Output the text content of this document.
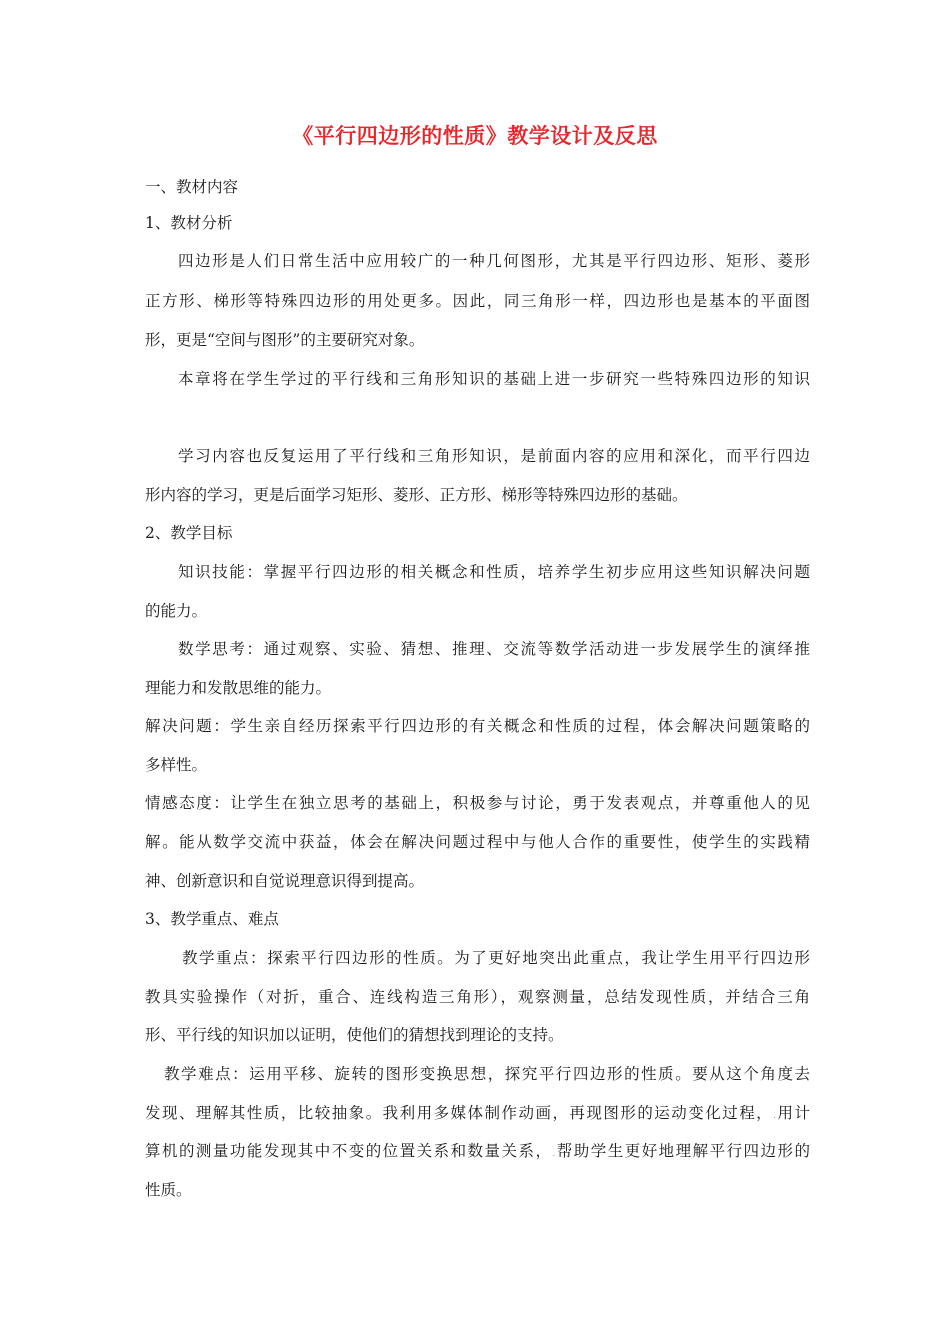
《平行四边形的性质》教学设计及反思
一、教材内容
1、教材分析
四边形是人们日常生活中应用较广的一种几何图形，尤其是平行四边形、矩形、菱形
正方形、梯形等特殊四边形的用处更多。因此，同三角形一样，四边形也是基本的平面图
形，更是“空间与图形”的主要研究对象。
本章将在学生学过的平行线和三角形知识的基础上进一步研究一些特殊四边形的知识
学习内容也反复运用了平行线和三角形知识，是前面内容的应用和深化，而平行四边
形内容的学习，更是后面学习矩形、菱形、正方形、梯形等特殊四边形的基础。
2、教学目标
知识技能：掌握平行四边形的相关概念和性质，培养学生初步应用这些知识解决问题
的能力。
数学思考：通过观察、实验、猜想、推理、交流等数学活动进一步发展学生的演绎推
理能力和发散思维的能力。
解决问题：学生亲自经历探索平行四边形的有关概念和性质的过程，体会解决问题策略的
多样性。
情感态度：让学生在独立思考的基础上，积极参与讨论，勇于发表观点，并尊重他人的见
解。能从数学交流中获益，体会在解决问题过程中与他人合作的重要性，使学生的实践精
神、创新意识和自觉说理意识得到提高。
3、教学重点、难点
教学重点：探索平行四边形的性质。为了更好地突出此重点，我让学生用平行四边形
教具实验操作（对折，重合、连线构造三角形），观察测量，总结发现性质，并结合三角
形、平行线的知识加以证明，使他们的猜想找到理论的支持。
教学难点：运用平移、旋转的图形变换思想，探究平行四边形的性质。要从这个角度去
发现、理解其性质，比较抽象。我利用多媒体制作动画，再现图形的运动变化过程，.用计
算机的测量功能发现其中不变的位置关系和数量关系，.帮助学生更好地理解平行四边形的
性质。
